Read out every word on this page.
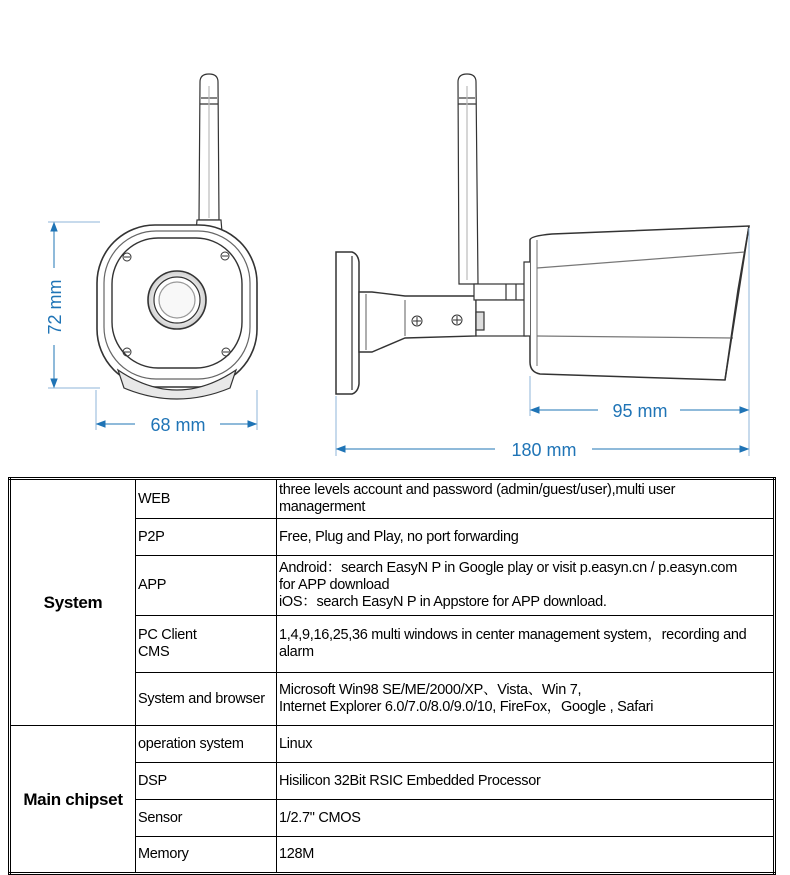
72 mm
68 mm
95 mm
180 mm
System	WEB	three levels account and password (admin/guest/user),multi user
managerment
	P2P	Free, Plug and Play, no port forwarding
	APP	Android：search EasyN P in Google play or visit p.easyn.cn / p.easyn.com
for APP download
iOS：search EasyN P in Appstore for APP download.
	PC Client
CMS	1,4,9,16,25,36 multi windows in center management system，recording and
alarm
	System and browser	Microsoft Win98 SE/ME/2000/XP、Vista、Win 7,
Internet Explorer 6.0/7.0/8.0/9.0/10, FireFox，Google , Safari
Main chipset	operation system	Linux
	DSP	Hisilicon 32Bit RSIC Embedded Processor
	Sensor	1/2.7" CMOS
	Memory	128M
